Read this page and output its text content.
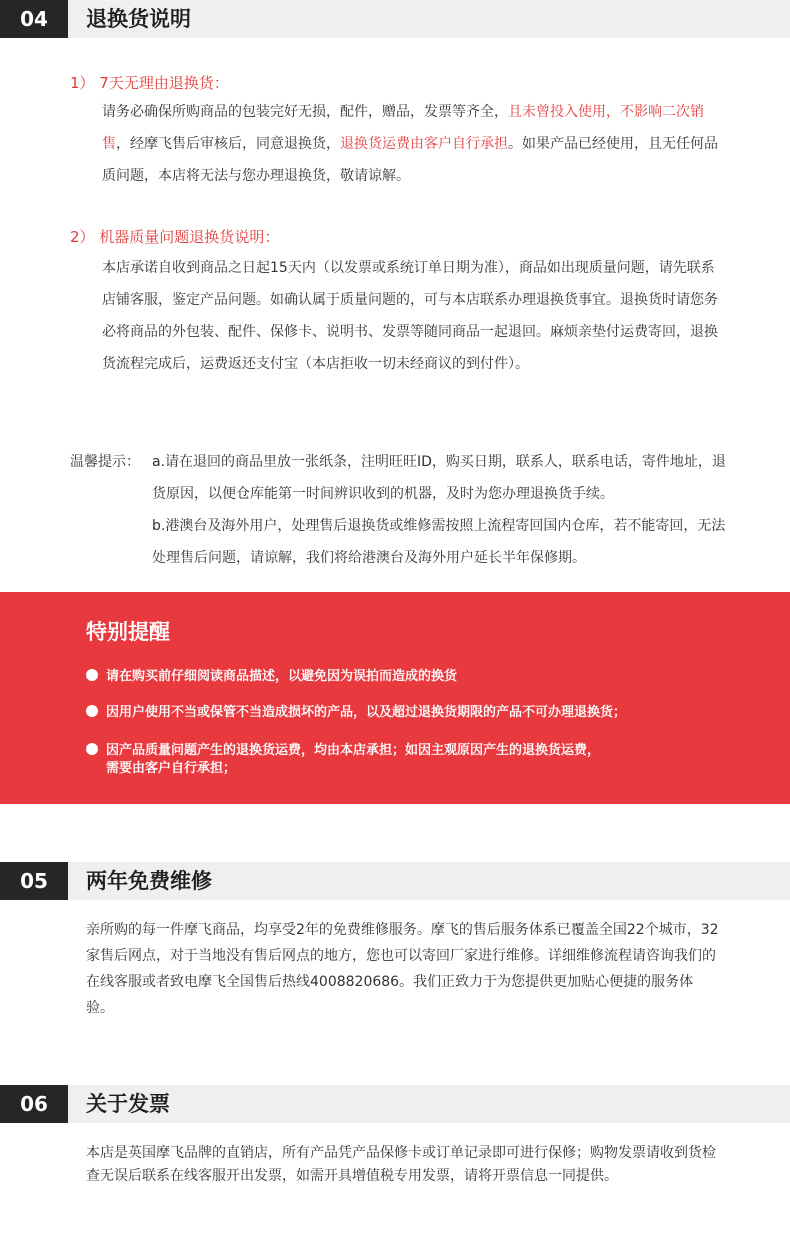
04	退换货说明
1） 7天无理由退换货：
请务必确保所购商品的包装完好无损，配件，赠品，发票等齐全，且未曾投入使用，不影响二次销售，经摩飞售后审核后，同意退换货，退换货运费由客户自行承担。如果产品已经使用，且无任何品质问题，本店将无法与您办理退换货，敬请谅解。
2） 机器质量问题退换货说明：
本店承诺自收到商品之日起15天内（以发票或系统订单日期为准），商品如出现质量问题，请先联系店铺客服，鉴定产品问题。如确认属于质量问题的，可与本店联系办理退换货事宜。退换货时请您务必将商品的外包装、配件、保修卡、说明书、发票等随同商品一起退回。麻烦亲垫付运费寄回，退换货流程完成后，运费返还支付宝（本店拒收一切未经商议的到付件）。
温馨提示： a.请在退回的商品里放一张纸条，注明旺旺ID，购买日期，联系人，联系电话，寄件地址，退货原因，以便仓库能第一时间辨识收到的机器，及时为您办理退换货手续。
b.港澳台及海外用户，处理售后退换货或维修需按照上流程寄回国内仓库，若不能寄回，无法处理售后问题，请谅解，我们将给港澳台及海外用户延长半年保修期。
特别提醒
请在购买前仔细阅读商品描述，以避免因为误拍而造成的换货
因用户使用不当或保管不当造成损坏的产品，以及超过退换货期限的产品不可办理退换货；
因产品质量问题产生的退换货运费，均由本店承担；如因主观原因产生的退换货运费，
需要由客户自行承担；
05	两年免费维修
亲所购的每一件摩飞商品，均享受2年的免费维修服务。摩飞的售后服务体系已覆盖全国22个城市，32家售后网点，对于当地没有售后网点的地方，您也可以寄回厂家进行维修。详细维修流程请咨询我们的在线客服或者致电摩飞全国售后热线4008820686。我们正致力于为您提供更加贴心便捷的服务体验。
06	关于发票
本店是英国摩飞品牌的直销店，所有产品凭产品保修卡或订单记录即可进行保修；购物发票请收到货检查无误后联系在线客服开出发票，如需开具增值税专用发票，请将开票信息一同提供。
